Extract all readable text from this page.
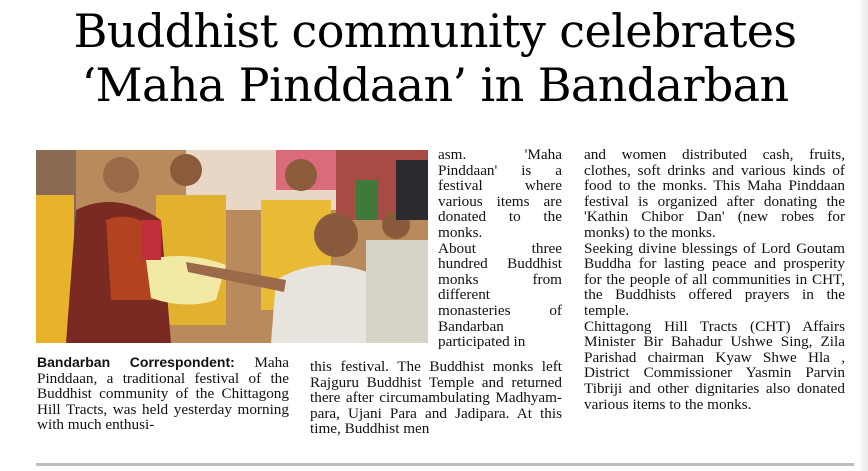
Buddhist community celebrates
‘Maha Pinddaan’ in Bandarban

Bandarban Correspondent: Maha Pinddaan, a traditional festival of the Buddhist community of the Chittagong Hill Tracts, was held yesterday morning with much enthusi-

asm. 'Maha Pinddaan' is a festival where various items are donated to the monks.

About three hundred Buddhist monks from different monasteries of Bandarban participated in

this festival. The Buddhist monks left Rajguru Buddhist Temple and returned there after circumambulating Madhyam-para, Ujani Para and Jadipara. At this time, Buddhist men

and women distributed cash, fruits, clothes, soft drinks and various kinds of food to the monks. This Maha Pinddaan festival is organized after donating the 'Kathin Chibor Dan' (new robes for monks) to the monks.

Seeking divine blessings of Lord Goutam Buddha for lasting peace and prosperity for the people of all communities in CHT, the Buddhists offered prayers in the temple.

Chittagong Hill Tracts (CHT) Affairs Minister Bir Bahadur Ushwe Sing, Zila Parishad chairman Kyaw Shwe Hla , District Commissioner Yasmin Parvin Tibriji and other dignitaries also donated various items to the monks.
